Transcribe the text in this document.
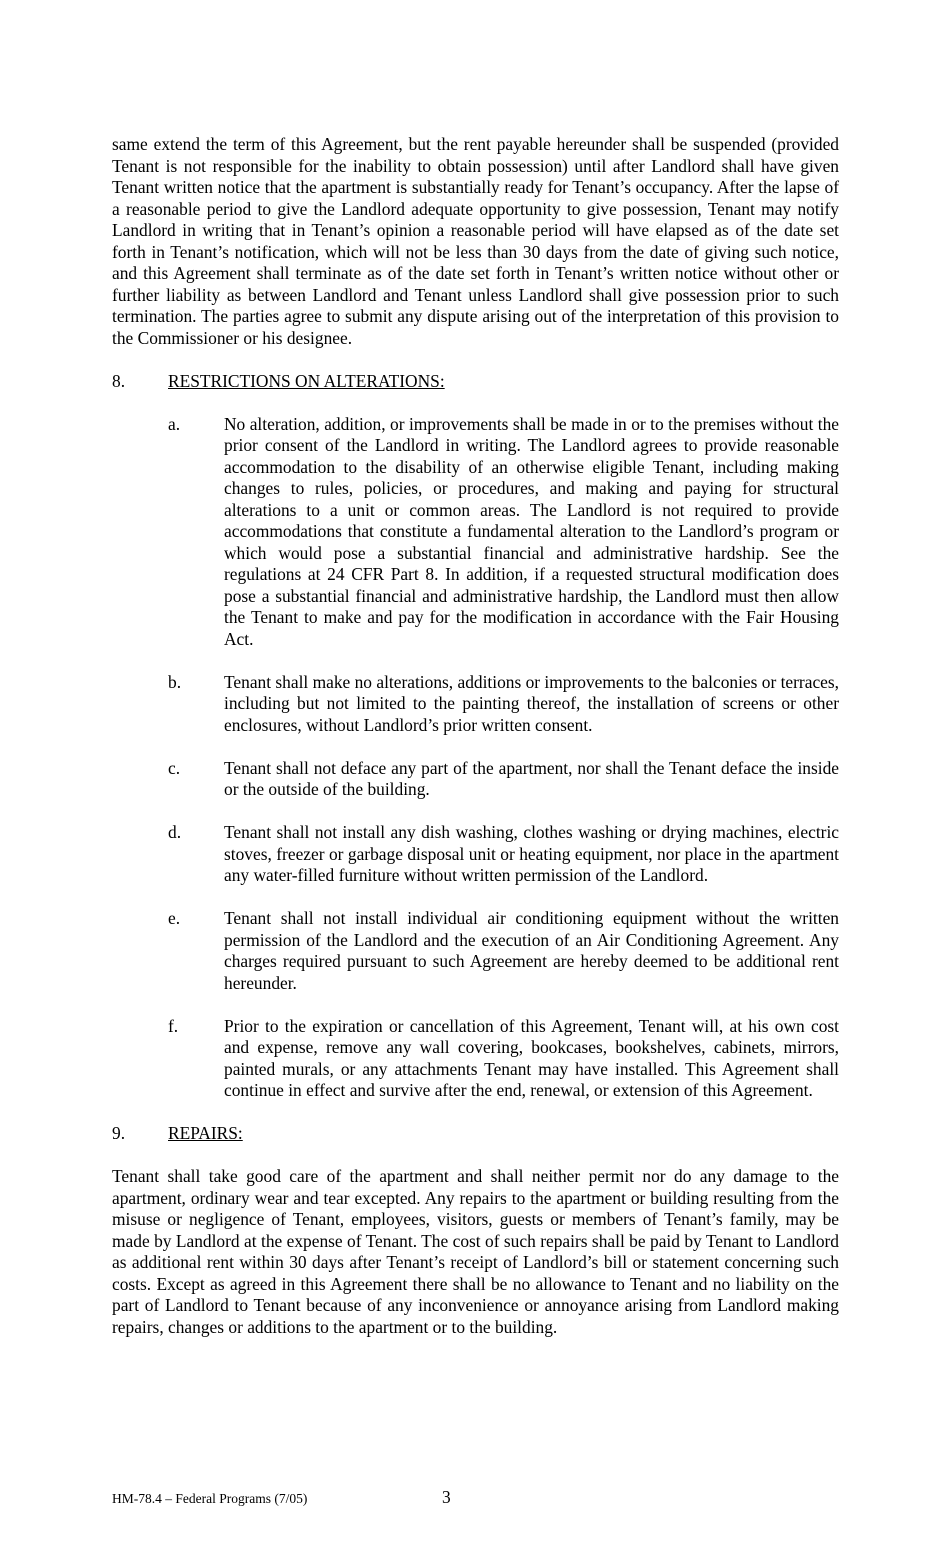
same extend the term of this Agreement, but the rent payable hereunder shall be suspended (provided Tenant is not responsible for the inability to obtain possession) until after Landlord shall have given Tenant written notice that the apartment is substantially ready for Tenant’s occupancy. After the lapse of a reasonable period to give the Landlord adequate opportunity to give possession, Tenant may notify Landlord in writing that in Tenant’s opinion a reasonable period will have elapsed as of the date set forth in Tenant’s notification, which will not be less than 30 days from the date of giving such notice, and this Agreement shall terminate as of the date set forth in Tenant’s written notice without other or further liability as between Landlord and Tenant unless Landlord shall give possession prior to such termination. The parties agree to submit any dispute arising out of the interpretation of this provision to the Commissioner or his designee.

8.	RESTRICTIONS ON ALTERATIONS:
a.	No alteration, addition, or improvements shall be made in or to the premises without the prior consent of the Landlord in writing. The Landlord agrees to provide reasonable accommodation to the disability of an otherwise eligible Tenant, including making changes to rules, policies, or procedures, and making and paying for structural alterations to a unit or common areas. The Landlord is not required to provide accommodations that constitute a fundamental alteration to the Landlord’s program or which would pose a substantial financial and administrative hardship. See the regulations at 24 CFR Part 8. In addition, if a requested structural modification does pose a substantial financial and administrative hardship, the Landlord must then allow the Tenant to make and pay for the modification in accordance with the Fair Housing Act.
b.	Tenant shall make no alterations, additions or improvements to the balconies or terraces, including but not limited to the painting thereof, the installation of screens or other enclosures, without Landlord’s prior written consent.
c.	Tenant shall not deface any part of the apartment, nor shall the Tenant deface the inside or the outside of the building.
d.	Tenant shall not install any dish washing, clothes washing or drying machines, electric stoves, freezer or garbage disposal unit or heating equipment, nor place in the apartment any water-filled furniture without written permission of the Landlord.
e.	Tenant shall not install individual air conditioning equipment without the written permission of the Landlord and the execution of an Air Conditioning Agreement. Any charges required pursuant to such Agreement are hereby deemed to be additional rent hereunder.
f.	Prior to the expiration or cancellation of this Agreement, Tenant will, at his own cost and expense, remove any wall covering, bookcases, bookshelves, cabinets, mirrors, painted murals, or any attachments Tenant may have installed. This Agreement shall continue in effect and survive after the end, renewal, or extension of this Agreement.
9.	REPAIRS:

Tenant shall take good care of the apartment and shall neither permit nor do any damage to the apartment, ordinary wear and tear excepted. Any repairs to the apartment or building resulting from the misuse or negligence of Tenant, employees, visitors, guests or members of Tenant’s family, may be made by Landlord at the expense of Tenant. The cost of such repairs shall be paid by Tenant to Landlord as additional rent within 30 days after Tenant’s receipt of Landlord’s bill or statement concerning such costs. Except as agreed in this Agreement there shall be no allowance to Tenant and no liability on the part of Landlord to Tenant because of any inconvenience or annoyance arising from Landlord making repairs, changes or additions to the apartment or to the building.

HM-78.4 – Federal Programs (7/05)	3
